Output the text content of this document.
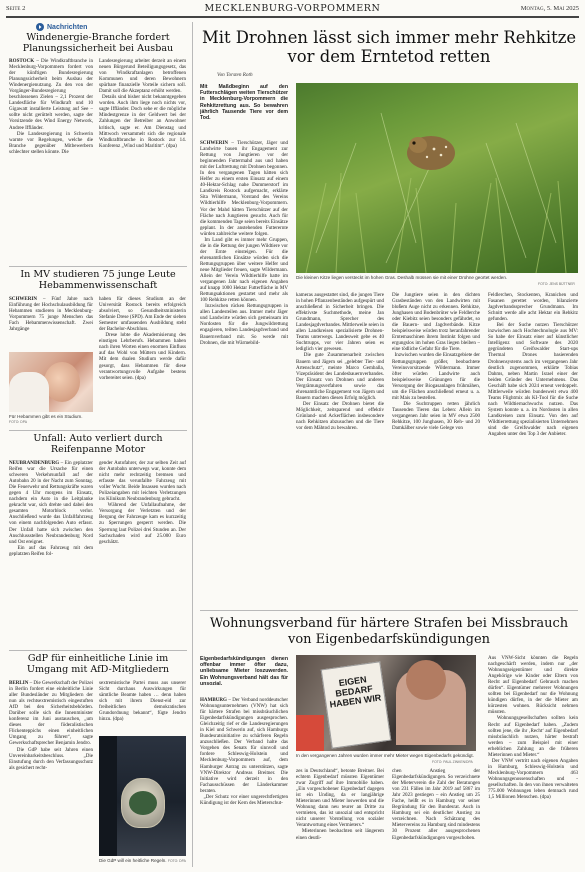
Seite 2	MECKLENBURG-VORPOMMERN	Montag, 5. Mai 2025
Nachrichten
Windenergie-Branche fordert Planungssicherheit bei Ausbau

ROSTOCK – Die Windkraftbranche in Mecklenburg-Vorpommern fordert von der künftigen Bundesregierung Planungssicherheit beim Ausbau der Windenergienutzung. Zu den von der Vorgänger-Bundesregierung beschlossenen Zielen – 2,1 Prozent der Landesfläche für Windkraft und 10 Gigawatt installierte Leistung auf See – sollte nicht gerüttelt werden, sagte der Vorsitzende des Wind Energy Network, Andree Iffländer.
Die Landesregierung in Schwerin warnte vor Regelungen, welche die Branche gegenüber Mitbewerbern schlechter stellen könnte. Die

Landesregierung arbeitet derzeit an einem neuen Bürgerund Beteiligungsgesetz, das von Windkraftanlagen betroffenen Kommunen und deren Bewohnern spürbare finanzielle Vorteile sichern soll. Damit soll die Akzeptanz erhöht werden.
Details sind bisher nicht bekanntgegeben worden. Auch ihm liege noch nichts vor, sagte Iffländer. Doch sehe er die mögliche Mindestgrenze in der Geldwert bei der Zahlungen der Betreiber an Anwohner kritisch, sagte er. Am Dienstag und Mittwoch versammelt sich die regionale Windkraftbranche in Rostock zur 14. Konferenz „Wind und Maritim“. (dpa)

In MV studieren 75 junge Leute Hebammenwissenschaft

SCHWERIN – Fünf Jahre nach Einführung der Hochschulausbildung für Hebammen studieren in Mecklenburg-Vorpommern 75 junge Menschen das Fach Hebammenwissenschaft. Zwei Jahrgänge

Für Hebammen gibt es ein Studium. FOTO: DPA

haben für dieses Studium an der Universität Rostock bereits erfolgreich absolviert, so Gesundheitsministerin Stefanie Drese (SPD). Am Ende der sieben Semester umfassenden Ausbildung steht der Bachelor-Abschluss.
Drese lobte die Akademisierung des einstigen Lehrberufs. Hebammen haben nach ihren Worten einen enormen Einfluss auf das Wohl von Müttern und Kindern. Mit dem dualen Studium werde dafür gesorgt, dass Hebammen für diese verantwortungsvolle Aufgabe bestens vorbereitet seien. (dpa)

Unfall: Auto verliert durch Reifenpanne Motor

NEUBRANDENBURG – Ein geplatzter Reifen war die Ursache für einen schweren Verkehrsunfall auf der Autobahn 20 in der Nacht zum Sonntag. Die Feuerwehr und Rettungskräfte waren gegen 4 Uhr morgens im Einsatz, nachdem ein Auto in die Leitplanke gekracht war, sich drehte und dabei den gesamten Motorblock verlor. Anschließend wurde das Unfallfahrzeug von einem nachfolgenden Auto erfasst. Der Unfall hatte sich zwischen den Anschlussstellen Neubrandenburg Nord und Ost ereignet.
Ein auf das Fahrzeug mit dem geplatzten Reifen fol-

gender Autofahrer, der zur selben Zeit auf der Autobahn unterwegs war, konnte dem nicht mehr rechtzeitig bremsen und erfasste das verunfallte Fahrzeug mit voller Wucht. Beide Insassen wurden nach Polizeiangaben mit leichten Verletzungen ins Klinikum Neubrandenburg gebracht.
Während der Unfallaufnahme, der Versorgung der Verletzten und der Bergung der Fahrzeuge kam es kurzzeitig zu Sperrungen gesperrt werden. Die Sperrung laut Polizei drei Stunden an. Der Sachschaden wird auf 25.000 Euro geschätzt.

GdP für einheitliche Linie im Umgang mit AfD-Mitgliedern

BERLIN – Die Gewerkschaft der Polizei in Berlin fordert eine einheitliche Linie aller Bundesländer zu Mitgliedern der nun als rechtsextremistisch eingestuften AfD bei den Sicherheitsbehörden. Darüber solle sich die Innenminister konferenz im Juni austauschen, „um dieses der föderalistischen Flickenteppichs einen einheitlichen Umgang zu führen“, sagte Gewerkschaftsprecher Benjamin Jendro.
Die GdP habe seit Jahren einen Unvereinbarkeitsbeschluss. „Die Einstufung durch den Verfassungsschutz als gesichert recht-

sextremistische Partei muss aus unserer Sicht durchaus Auswirkungen für sämtliche Beamte haben … denn haben sich mit ihrem Dienst-eid zur freiheitlichen demokratischen Grundordnung bekannt“, fügte Jendro hinzu. (dpa)

Die GdP will ein heitliche Regeln. FOTO: DPA
Mit Drohnen lässt sich immer mehr Rehkitze vor dem Erntetod retten
Von Torsten Roth
Mit Maßdbeginn auf den Futterschlägen weiten Tierschützer in Mecklenburg-Vorpommern die Rehkitzrettung aus. So bewahren jährlich Tausende Tiere vor dem Tod.

SCHWERIN – Tierschützer, Jäger und Landwirte bauen ihr Engagement zur Rettung von Jungtieren vor der beginnenden Futtermahd aus und haben mit der Luftrettung mit Drohnen begonnen. In den vergangenen Tagen hätten sich Helfer zu einem ersten Einsatz auf einem 40-Hektar-Schlag nahe Dummerstorf im Landkreis Rostock aufgemacht, erklärte Sita Wildermann, Vorstand des Vereins Wildtierhilfe Mecklenburg-Vorpommern. Vor der Mahd hätten Tierschützer auf der Fläche nach Jungtieren gesucht. Auch für die kommenden Tage seien bereits Einsätze geplant. In der anstehenden Futterernte würden zahlreiche weitere folgen.
Im Land gibt es immer mehr Gruppen, die in die Rettung der jungen Wildtiere vor der Ernte einsteigen. Für die ehrenamtlichen Einsätze würden sich die Rettungsgruppen über weitere Helfer und neue Mitglieder freuen, sagte Wildermann. Allein der Verein Wildtierhilfe hatte im vergangenen Jahr nach eigenen Angaben auf knapp 1000 Hektar Futterfläche in MV Rettungsaktionen gestartet und mehr als 100 Rehkitze retten können.
Inzwischen rücken Rettungsgruppen in allen Landesteilen aus. Immer mehr Jäger und Landwirte würden sich gemeinsam im Nordosten für die Jungwildrettung engagieren, teilten Landesjagdverband und Bauernverband mit. So werde mit Drohnen, die mit Wärmebild-

Die kleinen Kitze liegen versteckt im hohen Gras. Deshalb müssen sie mit einer Drohne geortet werden.
FOTO: JENS BÜTTNER

kameras ausgestattet sind, die jungen Tiere in hohen Pflanzenbeständen aufgespürt und anschließend in Sicherheit bringen. Die effektivste Suchmethode, meine Jan Grundmann, Sprecher des Landesjagdverbandes. Mittlerweile seien in allen Landkreisen spezialisierte Drohnen-Teams unterwegs. Landesweit gebe es 40 Suchtrupps, vor vier Jahren seien es lediglich vier gewesen.
Die gute Zusammenarbeit zwischen Bauern und Jägern sei „gelebter Tier- und Artenschutz“, meinte Marco Gemballa, Vizepräsident des Landesbauernverbandes. Der Einsatz von Drohnen und anderen Vergrämungsverfahren sowie das ehrenamtliche Engagement von Jägern und Bauern machten diesen Erfolg möglich.
Der Einsatz der Drohnen bietet die Möglichkeit, zeitsparend und effektiv Grünland- und Ackerflächen insbesondere nach Rehkitzen abzusuchen und die Tiere vor dem Mähtod zu bewahren.

Die Jungtiere seien in den dichten Grasbeständen von den Landwirten mit bloßem Auge nicht zu erkennen. Rehkitze, Junghasen und Bodenbrüter wie Feldlerche oder Kiebitz seien besonders gefährdet, so die Bauern- und Jagdverbände. Kitze beispielsweise würden trotz heranfahrender Erntemaschinen ihrem Instinkt folgen und ergungslos im hohen Gras liegen bleiben – eine tödliche Gefahr für die Tiere.
Inzwischen wurden die Einsatzgebiete der Rettungsgruppen größer, beobachtete Vereinsvorsitzende Wildermann. Immer öfter würden Landwirte auch beispielsweise Grünungen für die Versorgung der Biogasanlagen frühmähen, um die Flächen anschließend erneut u. a. mit Mais zu bestellen.
Die Suchtruppen retten jährlich Tausenden Tieren das Leben: Allein im vergangenen Jahr seien in MV etwa 2500 Rehkitze, 100 Junghasen, 30 Reh- und 20 Damkälber sowie viele Gelege von

Feldlerchen, Stockenten, Kranichen und Fasanen gerettet worden, bilanzierte Jagdverbandssprecher Grundmann. Im Schnitt werde alle acht Hektar ein Rehkitz gefunden.
Bei der Suche nutzen Tierschützer inzwischen auch Hochtechnologie aus MV: So habe der Einsatz einer auf künstlicher Intelligenz und Software des 2020 gegründeten Greifswalder Start-ups Thermal Drones basierenden Drohnensystems auch im vergangenen Jahr deutlich zugenommen, erklärte Tobias Dahms, neben Martin Israel einer der beiden Gründer des Unternehmens. Das Geschäft habe sich 2024 erneut verdoppelt. Mittlerweile würden bundesweit etwa 400 Teams Flightmix als KI-Tool für die Suche nach Wildtiernachwuchs nutzen. Das System konnte u. a. im Nordosten in allen Landkreisen zum Einsatz. Von den auf Wildtierrettung spezialisierten Unternehmen sind die Greifswalder nach eigenen Angaben unter den Top 3 der Anbieter.

Wohnungsverband für härtere Strafen bei Missbrauch von Eigenbedarfskündigungen
Eigenbedarfskündigungen dienen offenbar immer öfter dazu, unliebsame Mieter loszuwerden. Ein Wohnungsverband hält das für unsozial.

HAMBURG – Der Verband norddeutscher Wohnungsunternehmen (VNW) hat sich für härtere Strafen bei missbräuchlichen Eigenbedarfskündigungen ausgesprochen. Gleichzeitig rief er die Landesregierungen in Kiel und Schwerin auf, sich Hamburgs Bundesratsinitiative zu schärferen Regeln anzuschließen. Der Verband halte das Vorgehen des Senats für sinnvoll und fordere Schleswig-Holstein und Mecklenburg-Vorpommern auf, dem Hamburger Antrag zu unterstützen, sagte VNW-Direktor Andreas Breitner. Die Initiative wird derzeit in den Fachausschüssen der Länderkammer beraten.
„Der Schutz vor einer ungerechtfertigten Kündigung ist der Kern des Mieterschut-

EIGEN BEDARF HABEN WIR
In den vergangenen Jahren wurden immer mehr Mieter wegen Eigenbedarfs gekündigt.
FOTO: PAUL ZINKEN/DPA

zes in Deutschland“, betonte Breitner. Bei echtem Eigenbedarf müssten Eigentümer zwar Zugriff auf ihre Immobilie haben. „Ein vorgeschobener Eigenbedarf dagegen ist ein Unding, da er langjährige Mieterinnen und Mieter loswerden und die Wohnung dann neu teurer an Dritte zu vermieten, das ist unsozial und entspricht nicht unserer Vorstellung von sozialer Verantwortung eines Vermieters.“
Mieterinnen beobachten seit längerem einen deutli-

chen Anstieg der Eigenbedarfskündigungen. So verzeichnete der Mieterverein die Zahl der Beratungen von 231 Fällen im Jahr 2019 auf 5867 im Jahr 2023 gestiegen – ein Anstieg um 25 Fache, heißt es in Hamburg vor seiner Begründung für den Bundesrat. Auch in Hamburg sei ein deutlicher Anstieg zu verzeichnen. Nach Schätzung des Mietervereins zu Hamburg sind mindestens 30 Prozent aller ausgesprochenen Eigenbedarfskündigungen vorgeschoben.

Aus VNW-Sicht könnten die Regeln nachgeschärft werden, indem nur „der Wohnungseigentümer und direkte Angehörige wie Kinder oder Eltern von Recht auf Eigenbedarf Gebrauch machen dürfen“. Eigentümer mehrerer Wohnungen sollten bei Eigenbedarf nur die Wohnung kündigen dürfen, in der die Mieter am kürzesten wohnen. Rücksicht nehmen müssten.
Wohnungsgesellschaften sollten kein Recht auf Eigenbedarf haben. „Zudem sollten jene, die ihr ‚Recht‘ auf Eigenbedarf missbräuchlich nutzen, härter bestraft werden – zum Beispiel mit einer erheblichen Zahlung an die früheren Mieterinnen und Mieter.“
Der VNW vertritt nach eigenen Angaben in Hamburg, Schleswig-Holstein und Mecklenburg-Vorpommern 463 Wohnungsgenossenschaften und -gesellschaften. In den von ihnen verwalteten 775.000 Wohnungen leben demnach rund 1,5 Millionen Menschen. (dpa)
